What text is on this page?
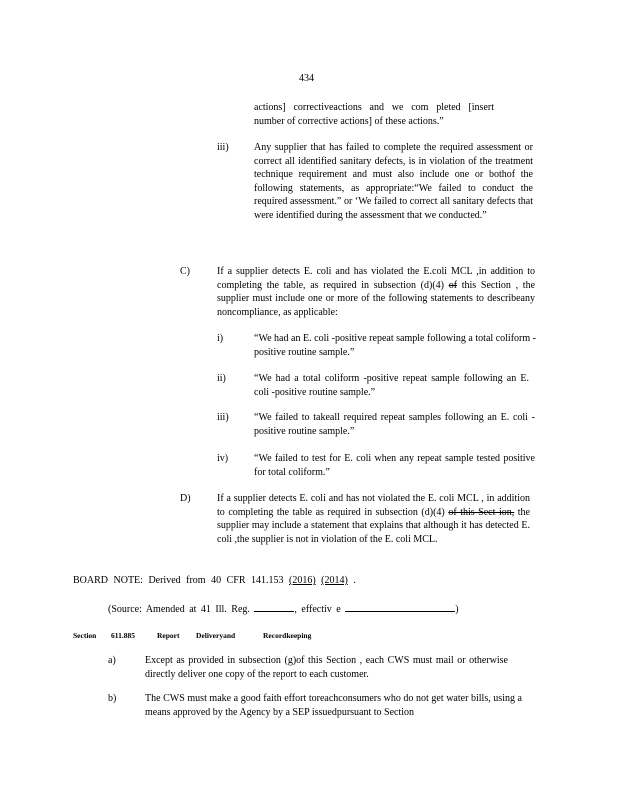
434
actions] correctiveactions and we com pleted [insert number of corrective actions] of these actions.”
iii)	Any supplier that has failed to complete the required assessment or correct all identified sanitary defects, is in violation of the treatment technique requirement and must also include one or bothof the following statements, as appropriate:“We failed to conduct the required assessment.” or ‘We failed to correct all sanitary defects that were identified during the assessment that we conducted.”
C)	If a supplier detects E. coli and has violated the E.coli MCL ,in addition to completing the table, as required in subsection (d)(4) of this Section , the supplier must include one or more of the following statements to describeany noncompliance, as applicable:
i)	“We had an E. coli -positive repeat sample following a total coliform -positive routine sample.”
ii)	“We had a total coliform -positive repeat sample following an E. coli -positive routine sample.”
iii)	“We failed to takeall required repeat samples following an E. coli -positive routine sample.”
iv)	“We failed to test for E. coli when any repeat sample tested positive for total coliform.”
D)	If a supplier detects E. coli and has not violated the E. coli MCL , in addition to completing the table as required in subsection (d)(4) of this Sect ion, the supplier may include a statement that explains that although it has detected E. coli ,the supplier is not in violation of the E. coli MCL.
BOARD NOTE: Derived from 40 CFR 141.153 (2016) (2014) .
(Source: Amended at 41 Ill. Reg.	, effectiv e	)
Section 611.885	Report Deliveryand	Recordkeeping
a)	Except as provided in subsection (g)of this Section , each CWS must mail or otherwise directly deliver one copy of the report to each customer.
b)	The CWS must make a good faith effort toreachconsumers who do not get water bills, using a means approved by the Agency by a SEP issuedpursuant to Section
